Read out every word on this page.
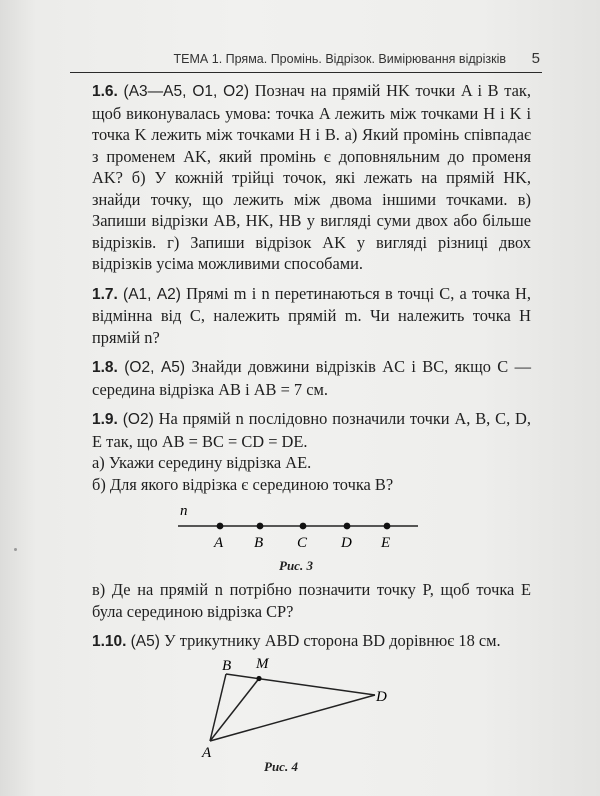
ТЕМА 1. Пряма. Промінь. Відрізок. Вимірювання відрізків 5

1.6. (А3—А5, О1, О2) Познач на прямій HK точки A і B так, щоб виконувалась умова: точка A лежить між точками H і K і точка K лежить між точками H і B. а) Який промінь співпадає з променем AK, який промінь є доповняльним до променя AK? б) У кожній трійці точок, які лежать на прямій HK, знайди точку, що лежить між двома іншими точками. в) Запиши відрізки AB, HK, HB у вигляді суми двох або більше відрізків. г) Запиши відрізок AK у вигляді різниці двох відрізків усіма можливими способами.

1.7. (А1, А2) Прямі m і n перетинаються в точці C, а точка H, відмінна від C, належить прямій m. Чи належить точка H прямій n?

1.8. (О2, А5) Знайди довжини відрізків AC і BC, якщо C — середина відрізка AB і AB = 7 см.

1.9. (О2) На прямій n послідовно позначили точки A, B, C, D, E так, що AB = BC = CD = DE.

а) Укажи середину відрізка AE.

б) Для якого відрізка є серединою точка B?

n
A B C D E
Рис. 3

в) Де на прямій n потрібно позначити точку P, щоб точка E була серединою відрізка CP?

1.10. (А5) У трикутнику ABD сторона BD дорівнює 18 см.

B M
D
A
Рис. 4
